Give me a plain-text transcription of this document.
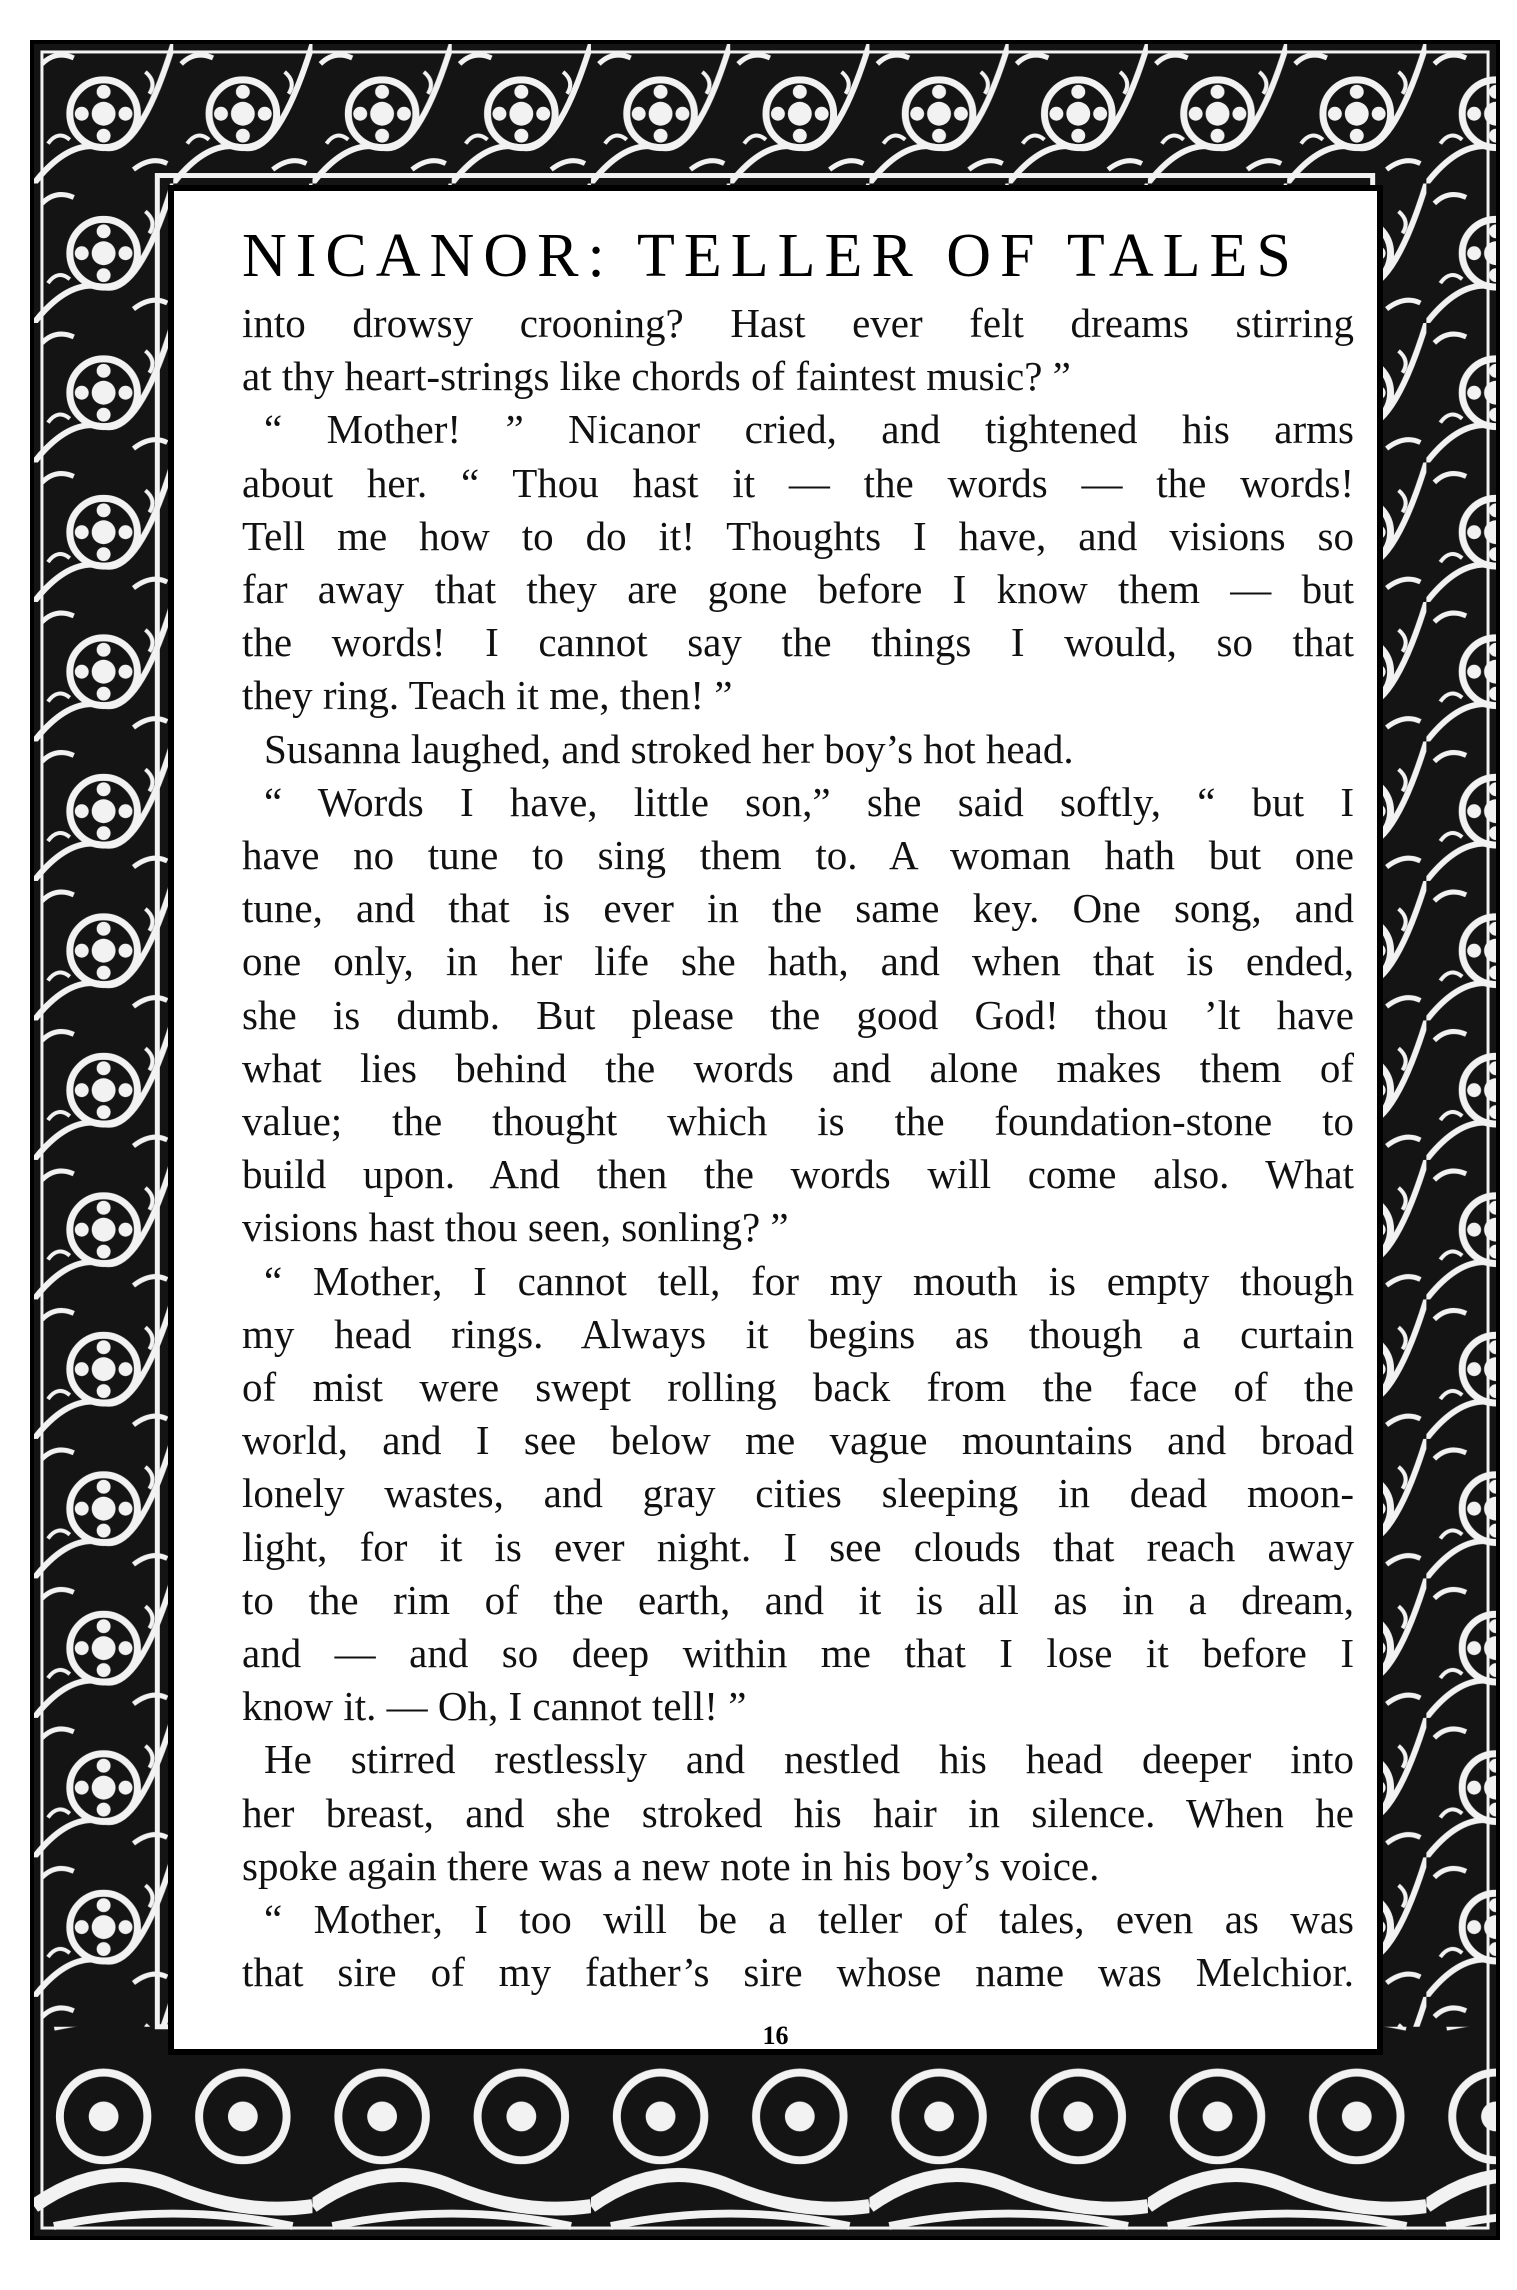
NICANOR: TELLER OF TALES

into drowsy crooning? Hast ever felt dreams stirring

at thy heart-strings like chords of faintest music? ”

“ Mother! ” Nicanor cried, and tightened his arms

about her. “ Thou hast it — the words — the words!

Tell me how to do it! Thoughts I have, and visions so

far away that they are gone before I know them — but

the words! I cannot say the things I would, so that

they ring. Teach it me, then! ”

Susanna laughed, and stroked her boy’s hot head.

“ Words I have, little son,” she said softly, “ but I

have no tune to sing them to. A woman hath but one

tune, and that is ever in the same key. One song, and

one only, in her life she hath, and when that is ended,

she is dumb. But please the good God! thou ’lt have

what lies behind the words and alone makes them of

value; the thought which is the foundation-stone to

build upon. And then the words will come also. What

visions hast thou seen, sonling? ”

“ Mother, I cannot tell, for my mouth is empty though

my head rings. Always it begins as though a curtain

of mist were swept rolling back from the face of the

world, and I see below me vague mountains and broad

lonely wastes, and gray cities sleeping in dead moon-

light, for it is ever night. I see clouds that reach away

to the rim of the earth, and it is all as in a dream,

and — and so deep within me that I lose it before I

know it. — Oh, I cannot tell! ”

He stirred restlessly and nestled his head deeper into

her breast, and she stroked his hair in silence. When he

spoke again there was a new note in his boy’s voice.

“ Mother, I too will be a teller of tales, even as was

that sire of my father’s sire whose name was Melchior.

16
